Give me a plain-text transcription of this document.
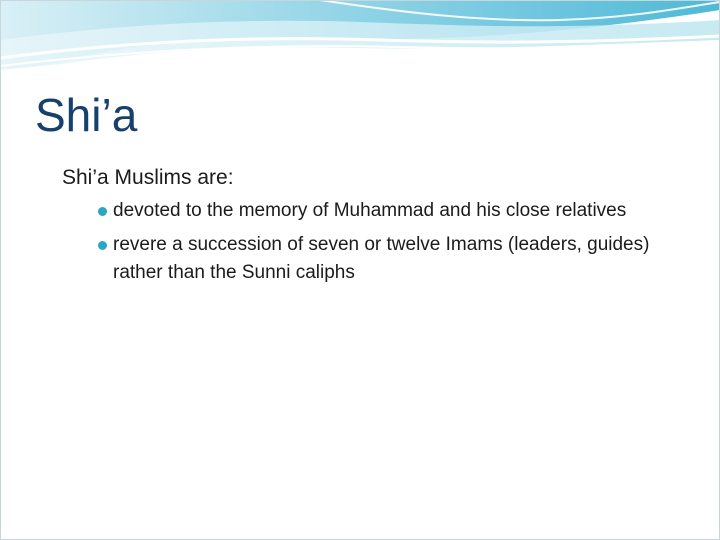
Shi’a

Shi’a Muslims are:

devoted to the memory of Muhammad and his close relatives
revere a succession of seven or twelve Imams (leaders, guides) rather than the Sunni caliphs
